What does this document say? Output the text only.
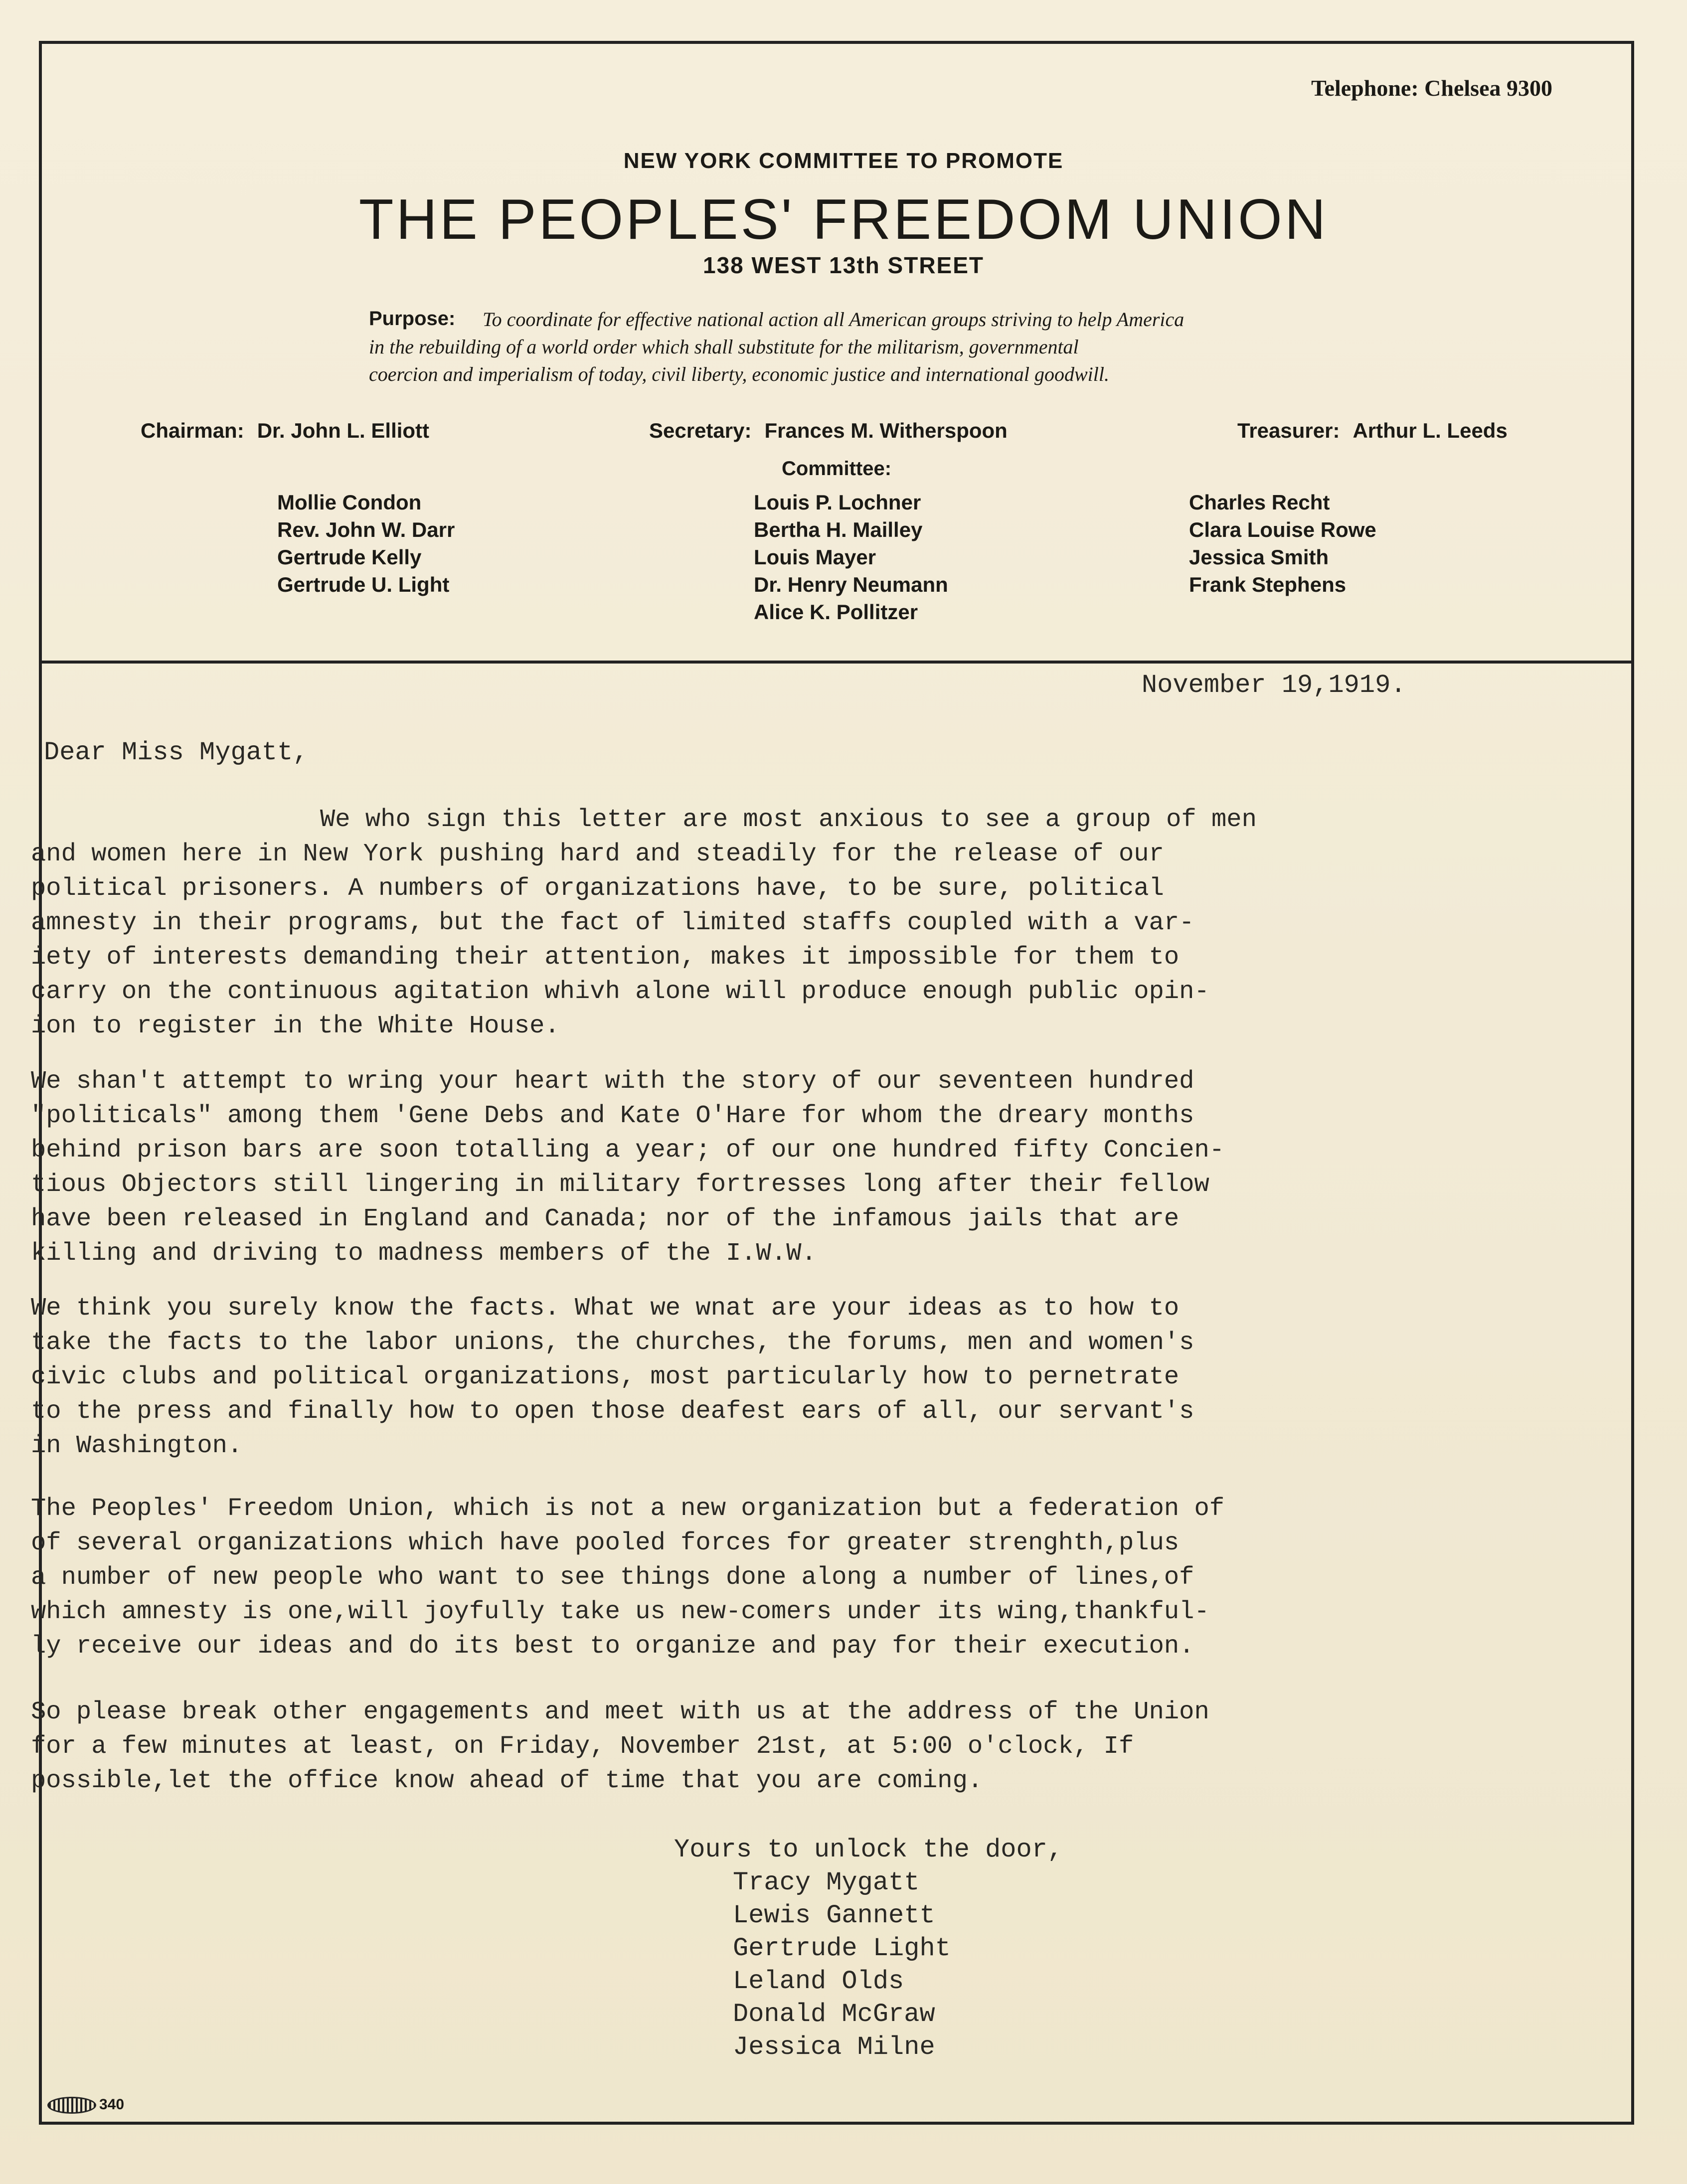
Telephone: Chelsea 9300
NEW YORK COMMITTEE TO PROMOTE
THE PEOPLES' FREEDOM UNION
138 WEST 13th STREET
Purpose: To coordinate for effective national action all American groups striving to help America
in the rebuilding of a world order which shall substitute for the militarism, governmental
coercion and imperialism of today, civil liberty, economic justice and international goodwill.
Chairman: Dr. John L. Elliott	Secretary: Frances M. Witherspoon	Treasurer: Arthur L. Leeds
Committee:
Mollie Condon
Rev. John W. Darr
Gertrude Kelly
Gertrude U. Light
Louis P. Lochner
Bertha H. Mailley
Louis Mayer
Dr. Henry Neumann
Alice K. Pollitzer
Charles Recht
Clara Louise Rowe
Jessica Smith
Frank Stephens
November 19,1919.
Dear Miss Mygatt,
We who sign this letter are most anxious to see a group of men
and women here in New York pushing hard and steadily for the release of our
political prisoners. A numbers of organizations have, to be sure, political
amnesty in their programs, but the fact of limited staffs coupled with a var-
iety of interests demanding their attention, makes it impossible for them to
carry on the continuous agitation whivh alone will produce enough public opin-
ion to register in the White House.
We shan't attempt to wring your heart with the story of our seventeen hundred
"politicals" among them 'Gene Debs and Kate O'Hare for whom the dreary months
behind prison bars are soon totalling a year; of our one hundred fifty Concien-
tious Objectors still lingering in military fortresses long after their fellow
have been released in England and Canada; nor of the infamous jails that are
killing and driving to madness members of the I.W.W.
We think you surely know the facts. What we wnat are your ideas as to how to
take the facts to the labor unions, the churches, the forums, men and women's
civic clubs and political organizations, most particularly how to pernetrate
to the press and finally how to open those deafest ears of all, our servant's
in Washington.
The Peoples' Freedom Union, which is not a new organization but a federation of
of several organizations which have pooled forces for greater strenghth,plus
a number of new people who want to see things done along a number of lines,of
which amnesty is one,will joyfully take us new-comers under its wing,thankful-
ly receive our ideas and do its best to organize and pay for their execution.
So please break other engagements and meet with us at the address of the Union
for a few minutes at least, on Friday, November 21st, at 5:00 o'clock, If
possible,let the office know ahead of time that you are coming.
Yours to unlock the door,
Tracy Mygatt
Lewis Gannett
Gertrude Light
Leland Olds
Donald McGraw
Jessica Milne
340
